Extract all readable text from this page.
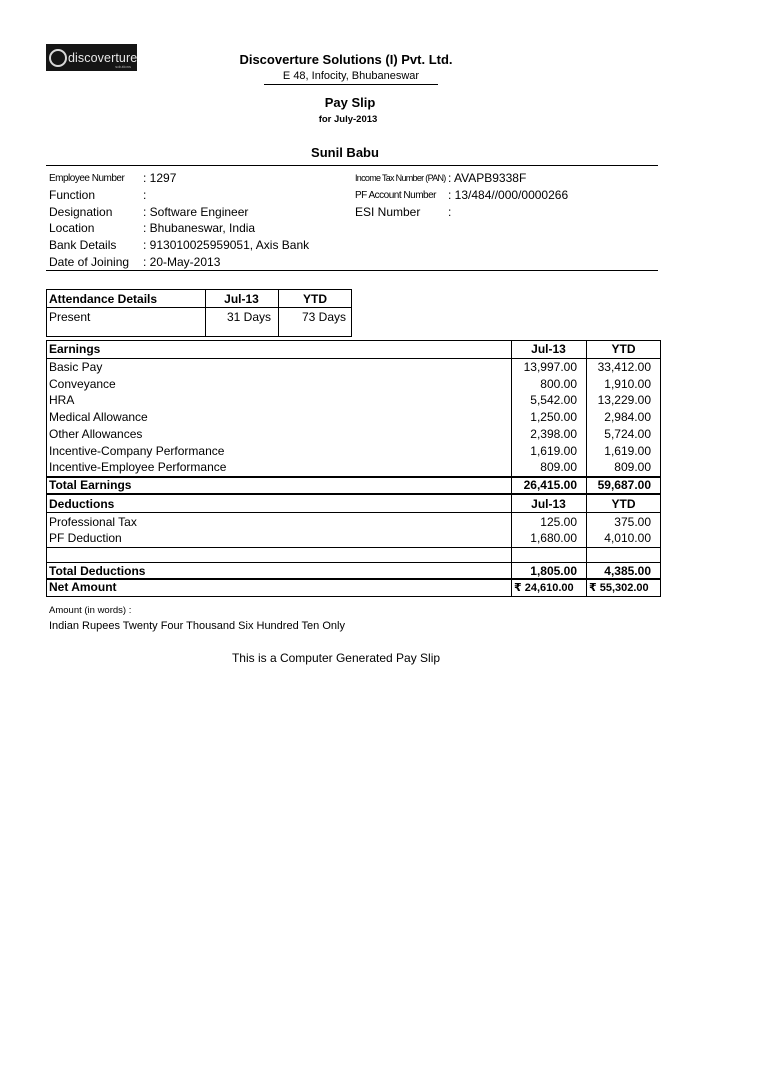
discoverture
solutions	Discoverture Solutions (I) Pvt. Ltd.
E 48, Infocity, Bhubaneswar
Pay Slip
for July-2013
Sunil Babu
Employee Number : 1297
Function	:
Designation	: Software Engineer
Location	: Bhubaneswar, India
Bank Details : 913010025959051, Axis Bank
Date of Joining : 20-May-2013
Income Tax Number (PAN) : AVAPB9338F
PF Account Number : 13/484//000/0000266
ESI Number :
Attendance Details	Jul-13	YTD
Present	31 Days	73 Days
Earnings	Jul-13	YTD
Basic Pay	13,997.00	33,412.00
Conveyance	800.00	1,910.00
HRA	5,542.00	13,229.00
Medical Allowance	1,250.00	2,984.00
Other Allowances	2,398.00	5,724.00
Incentive-Company Performance	1,619.00	1,619.00
Incentive-Employee Performance	809.00	809.00
Total Earnings	26,415.00	59,687.00
Deductions	Jul-13	YTD
Professional Tax	125.00	375.00
PF Deduction	1,680.00	4,010.00
Total Deductions	1,805.00	4,385.00
Net Amount	₹ 24,610.00 ₹ 55,302.00
Amount (in words) :
Indian Rupees Twenty Four Thousand Six Hundred Ten Only
This is a Computer Generated Pay Slip
